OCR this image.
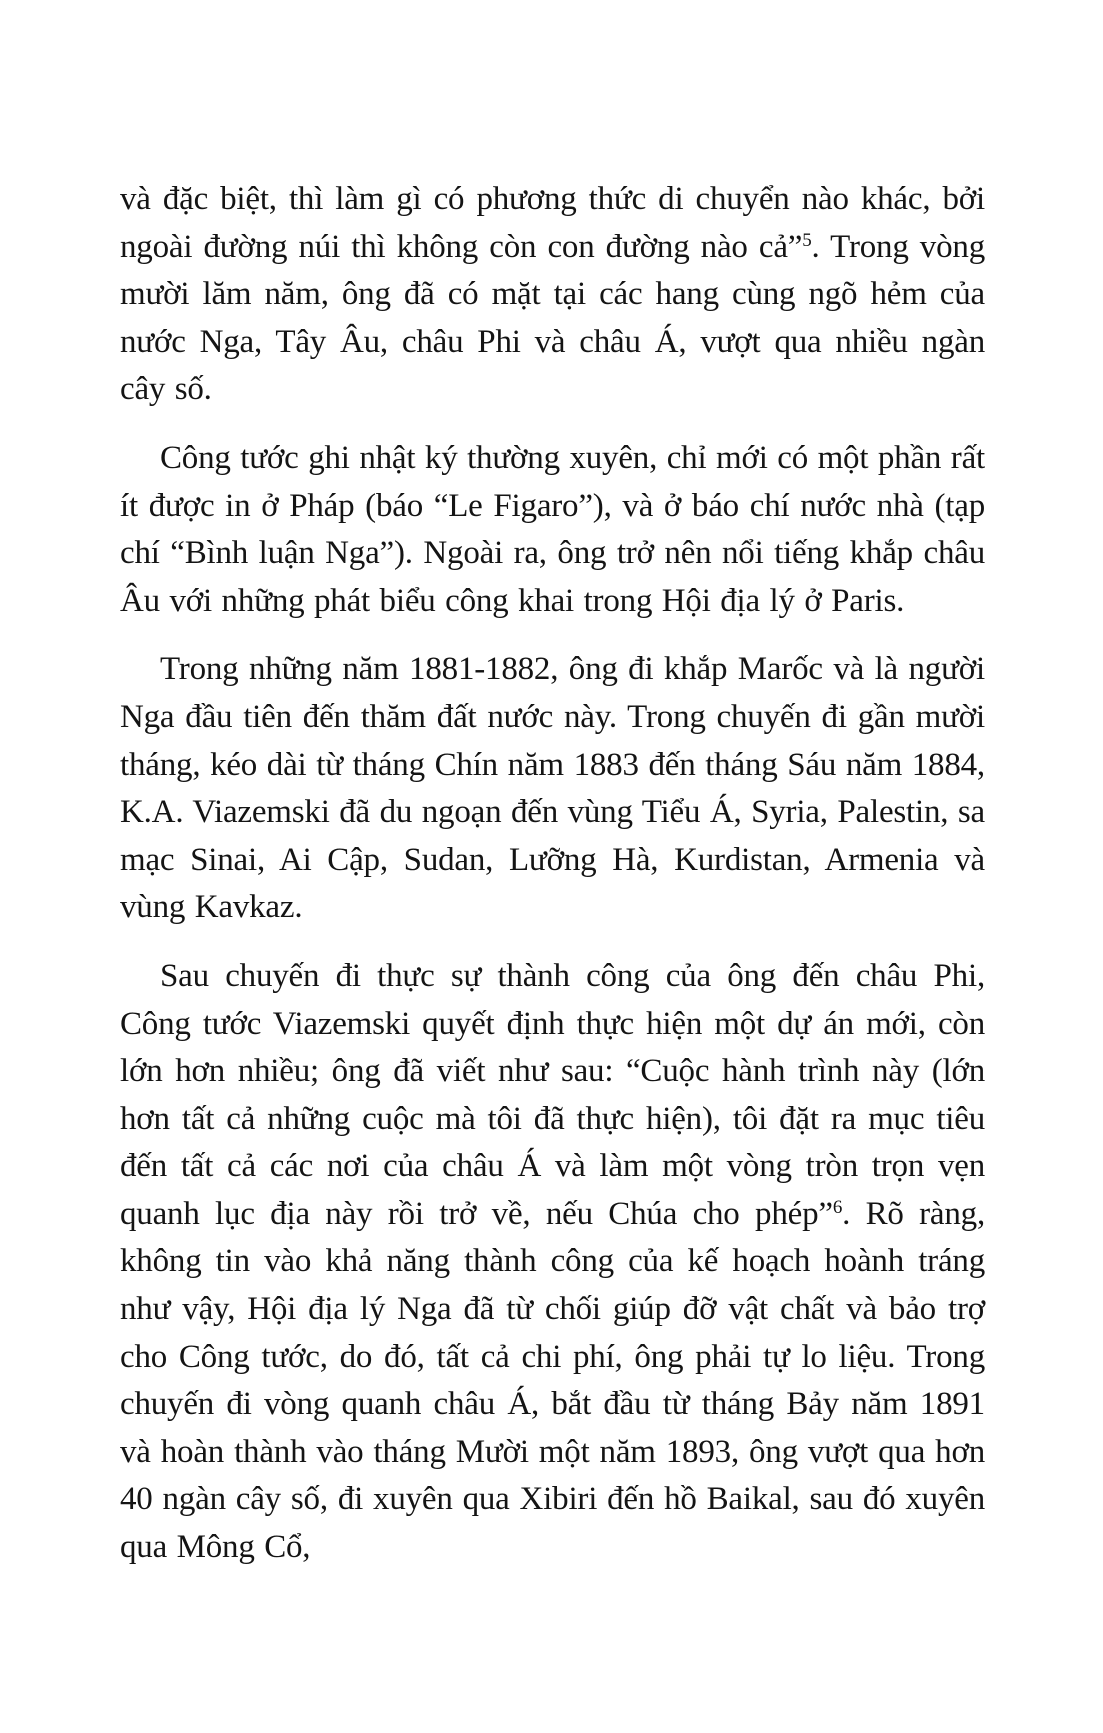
và đặc biệt, thì làm gì có phương thức di chuyển nào khác, bởi ngoài đường núi thì không còn con đường nào cả”$^5$. Trong vòng mười lăm năm, ông đã có mặt tại các hang cùng ngõ hẻm của nước Nga, Tây Âu, châu Phi và châu Á, vượt qua nhiều ngàn cây số.

Công tước ghi nhật ký thường xuyên, chỉ mới có một phần rất ít được in ở Pháp (báo “Le Figaro”), và ở báo chí nước nhà (tạp chí “Bình luận Nga”). Ngoài ra, ông trở nên nổi tiếng khắp châu Âu với những phát biểu công khai trong Hội địa lý ở Paris.

Trong những năm 1881-1882, ông đi khắp Marốc và là người Nga đầu tiên đến thăm đất nước này. Trong chuyến đi gần mười tháng, kéo dài từ tháng Chín năm 1883 đến tháng Sáu năm 1884, K.A. Viazemski đã du ngoạn đến vùng Tiểu Á, Syria, Palestin, sa mạc Sinai, Ai Cập, Sudan, Lưỡng Hà, Kurdistan, Armenia và vùng Kavkaz.

Sau chuyến đi thực sự thành công của ông đến châu Phi, Công tước Viazemski quyết định thực hiện một dự án mới, còn lớn hơn nhiều; ông đã viết như sau: “Cuộc hành trình này (lớn hơn tất cả những cuộc mà tôi đã thực hiện), tôi đặt ra mục tiêu đến tất cả các nơi của châu Á và làm một vòng tròn trọn vẹn quanh lục địa này rồi trở về, nếu Chúa cho phép”$^6$. Rõ ràng, không tin vào khả năng thành công của kế hoạch hoành tráng như vậy, Hội địa lý Nga đã từ chối giúp đỡ vật chất và bảo trợ cho Công tước, do đó, tất cả chi phí, ông phải tự lo liệu. Trong chuyến đi vòng quanh châu Á, bắt đầu từ tháng Bảy năm 1891 và hoàn thành vào tháng Mười một năm 1893, ông vượt qua hơn 40 ngàn cây số, đi xuyên qua Xibiri đến hồ Baikal, sau đó xuyên qua Mông Cổ,
